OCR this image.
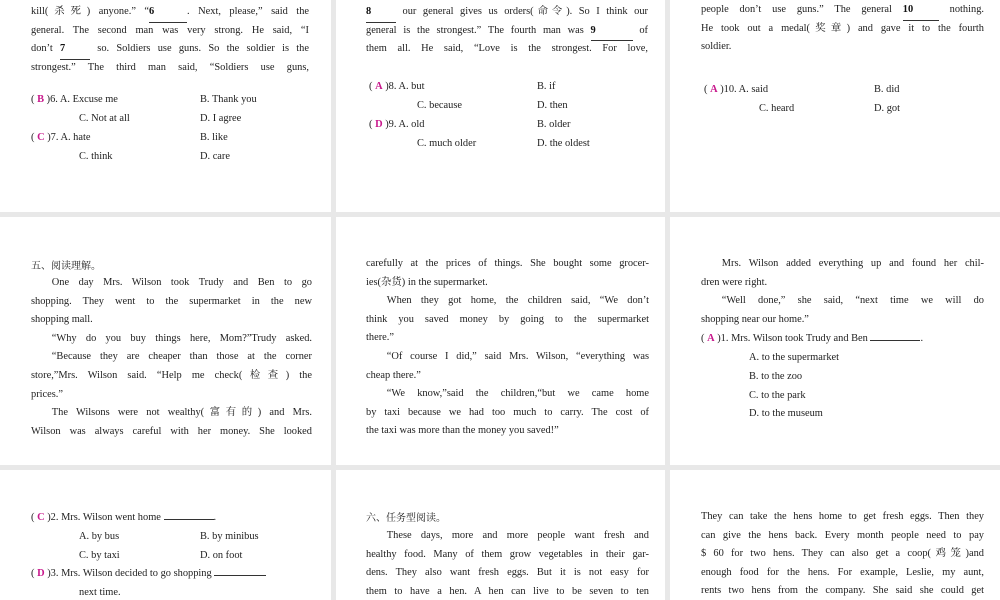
kill(杀死) anyone.” “6	. Next, please,” said the
general. The second man was very strong. He said, “I
don’t 7 so. Soldiers use guns. So the soldier is the
strongest.” The third man said, “Soldiers use guns,
( B )6. A. Excuse me	B. Thank you
C. Not at all	D. I agree
( C )7. A. hate	B. like
C. think	D. care
8 our general gives us orders(命令). So I think our
general is the strongest.” The fourth man was 9	of
them all. He said, “Love is the strongest. For love,
( A )8. A. but	B. if
C. because	D. then
( D )9. A. old	B. older
C. much older	D. the oldest
people don’t use guns.” The general 10 nothing.
He took out a medal(奖章) and gave it to the fourth
soldier.
( A )10. A. said	B. did
C. heard	D. got
五、阅读理解。
One day Mrs. Wilson took Trudy and Ben to go
shopping. They went to the supermarket in the new
shopping mall.
“Why do you buy things here, Mom?”Trudy asked.
“Because they are cheaper than those at the corner
store,”Mrs. Wilson said. “Help me check(检查) the
prices.”
The Wilsons were not wealthy(富有的) and Mrs.
Wilson was always careful with her money. She looked
carefully at the prices of things. She bought some grocer-
ies(杂货) in the supermarket.
When they got home, the children said, “We don’t
think you saved money by going to the supermarket
there.”
“Of course I did,” said Mrs. Wilson, “everything was
cheap there.”
“We know,”said the children,“but we came home
by taxi because we had too much to carry. The cost of
the taxi was more than the money you saved!”
Mrs. Wilson added everything up and found her chil-
dren were right.
“Well done,” she said, “next time we will do
shopping near our home.”
( A )1. Mrs. Wilson took Trudy and Ben	.
A. to the supermarket
B. to the zoo
C. to the park
D. to the museum
( C )2. Mrs. Wilson went home	.
A. by bus	B. by minibus
C. by taxi	D. on foot
( D )3. Mrs. Wilson decided to go shopping
next time.
六、任务型阅读。
These days, more and more people want fresh and
healthy food. Many of them grow vegetables in their gar-
dens. They also want fresh eggs. But it is not easy for
them to have a hen. A hen can live to be seven to ten
They can take the hens home to get fresh eggs. Then they
can give the hens back. Every month people need to pay
$ 60 for two hens. They can also get a coop(鸡笼)and
enough food for the hens. For example, Leslie, my aunt,
rents two hens from the company. She said she could get
